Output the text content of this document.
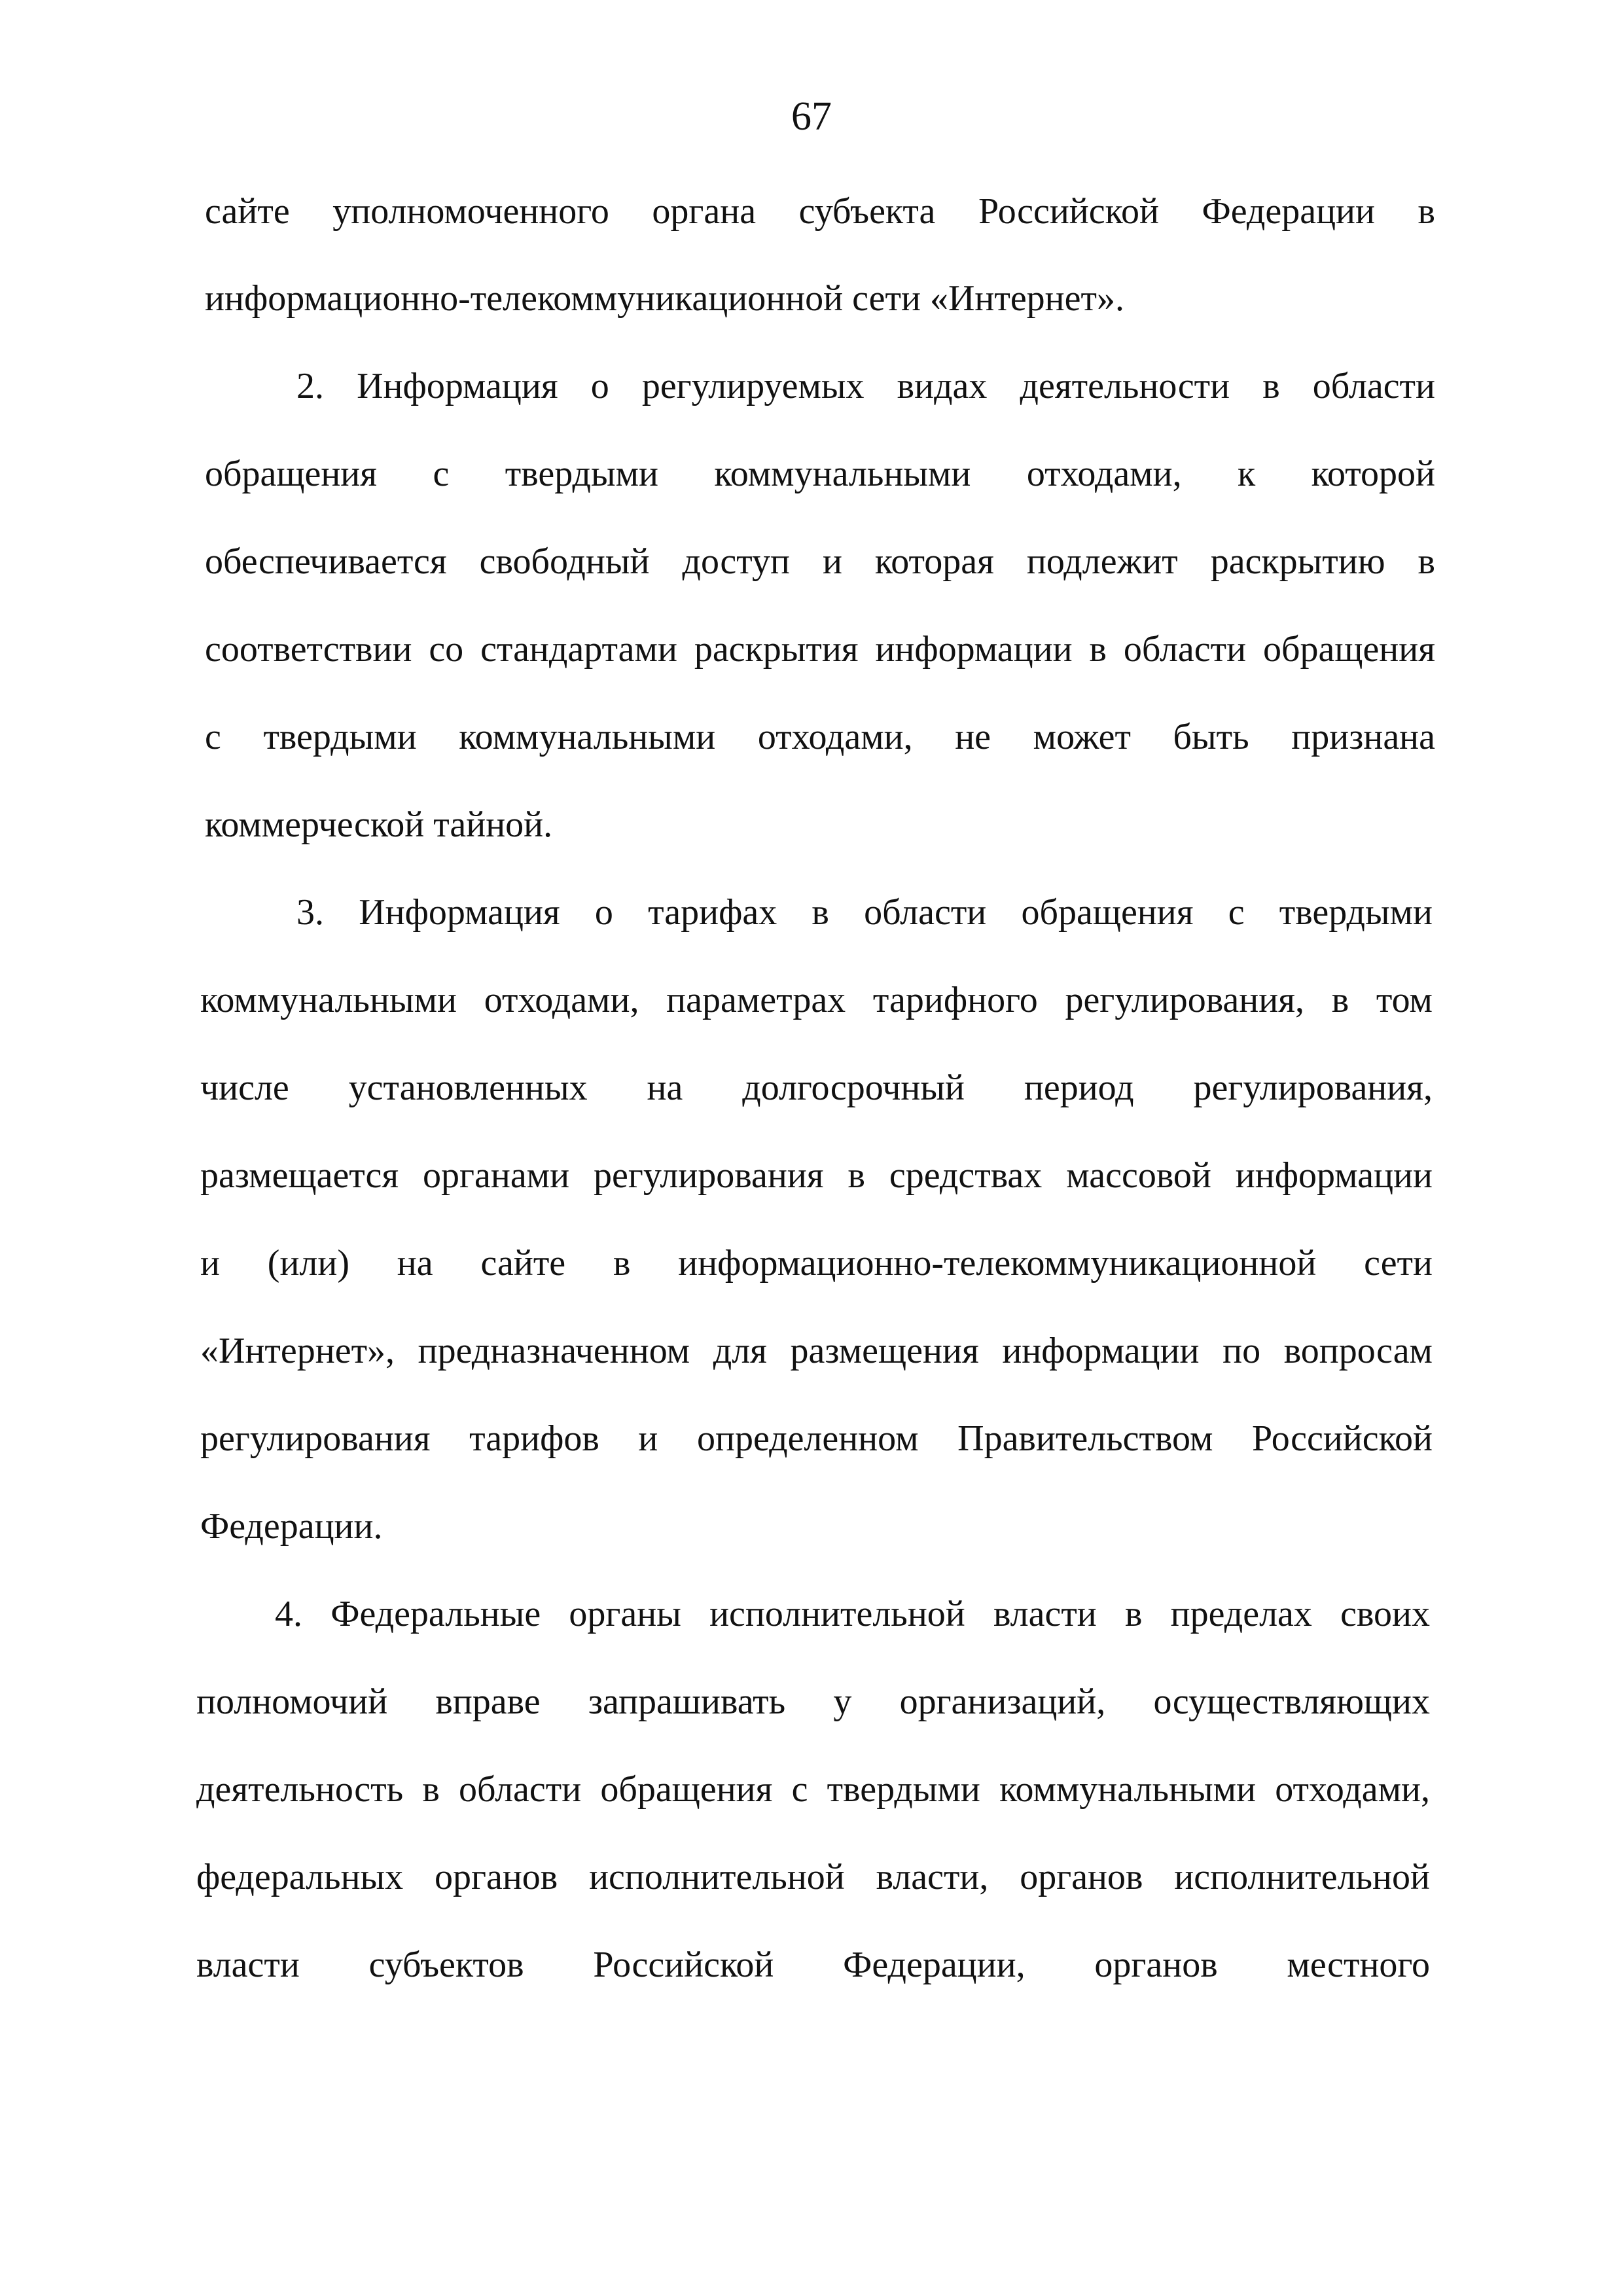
67
сайте уполномоченного органа субъекта Российской Федерации в
информационно-телекоммуникационной сети «Интернет».
2. Информация о регулируемых видах деятельности в области
обращения с твердыми коммунальными отходами, к которой
обеспечивается свободный доступ и которая подлежит раскрытию в
соответствии со стандартами раскрытия информации в области обращения
с твердыми коммунальными отходами, не может быть признана
коммерческой тайной.
3. Информация о тарифах в области обращения с твердыми
коммунальными отходами, параметрах тарифного регулирования, в том
числе установленных на долгосрочный период регулирования,
размещается органами регулирования в средствах массовой информации
и (или) на сайте в информационно-телекоммуникационной сети
«Интернет», предназначенном для размещения информации по вопросам
регулирования тарифов и определенном Правительством Российской
Федерации.
4. Федеральные органы исполнительной власти в пределах своих
полномочий вправе запрашивать у организаций, осуществляющих
деятельность в области обращения с твердыми коммунальными отходами,
федеральных органов исполнительной власти, органов исполнительной
власти субъектов Российской Федерации, органов местного
